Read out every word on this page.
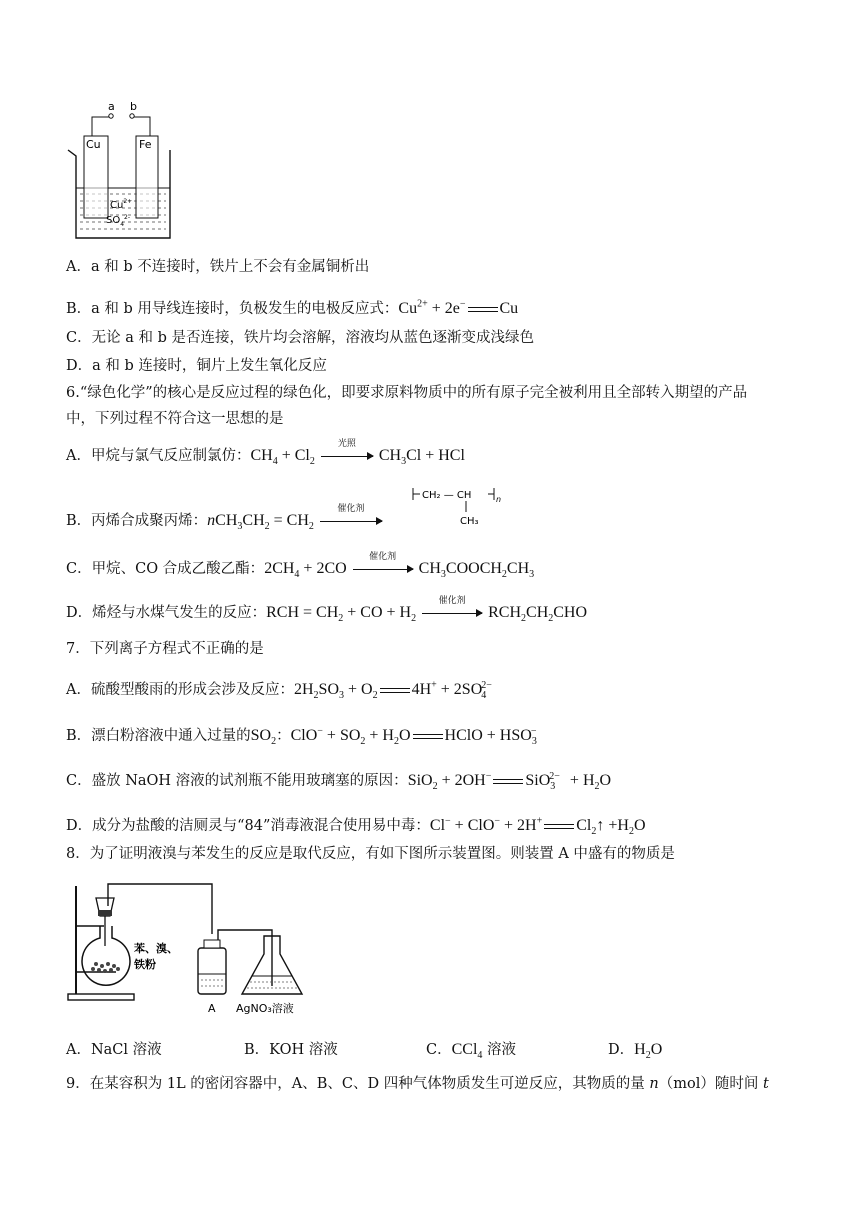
a b
Cu	Fe
$Cu^{2+}$
$SO_4^{2-}$
A．a 和 b 不连接时，铁片上不会有金属铜析出
B．a 和 b 用导线连接时，负极发生的电极反应式：$Cu^{2+} + 2e^-$ Cu
C．无论 a 和 b 是否连接，铁片均会溶解，溶液均从蓝色逐渐变成浅绿色
D．a 和 b 连接时，铜片上发生氧化反应
6.“绿色化学”的核心是反应过程的绿色化，即要求原料物质中的所有原子完全被利用且全部转入期望的产品
中，下列过程不符合这一思想的是
A．甲烷与氯气反应制氯仿：$CH_4 + Cl_2$
光照
$CH_3Cl$ + HCl
CH₂ — CH	n
CH₃
B．丙烯合成聚丙烯：$nCH_3CH_2 = CH_2$
催化剂
C．甲烷、CO 合成乙酸乙酯：$2CH_4 + 2CO$
催化剂
$CH_3COOCH_2CH_3$
D．烯烃与水煤气发生的反应：RCH = $CH_2$ + CO + $H_2$
催化剂
$RCH_2CH_2CHO$
7．下列离子方程式不正确的是
A．硫酸型酸雨的形成会涉及反应：$2H_2SO_3 + O_2$ $4H^+ + 2SO_4^{2-}$
B．漂白粉溶液中通入过量的$SO_2$：$ClO^- + SO_2 + H_2O$ HClO + $HSO_3^-$
C．盛放 NaOH 溶液的试剂瓶不能用玻璃塞的原因：SiO$_2$ + 2OH− $SiO_3^{2-} + H_2O$
D．成分为盐酸的洁厕灵与“84”消毒液混合使用易中毒：Cl− + ClO− + 2H+ $Cl_2↑ +H_2O$
8．为了证明液溴与苯发生的反应是取代反应，有如下图所示装置图。则装置 A 中盛有的物质是
苯、溴、
铁粉
A AgNO₃溶液
A．NaCl 溶液	B．KOH 溶液	C．CCl$_4$ 溶液	D．$H_2O$
9．在某容积为 1L 的密闭容器中，A、B、C、D 四种气体物质发生可逆反应，其物质的量 n（mol）随时间 t
